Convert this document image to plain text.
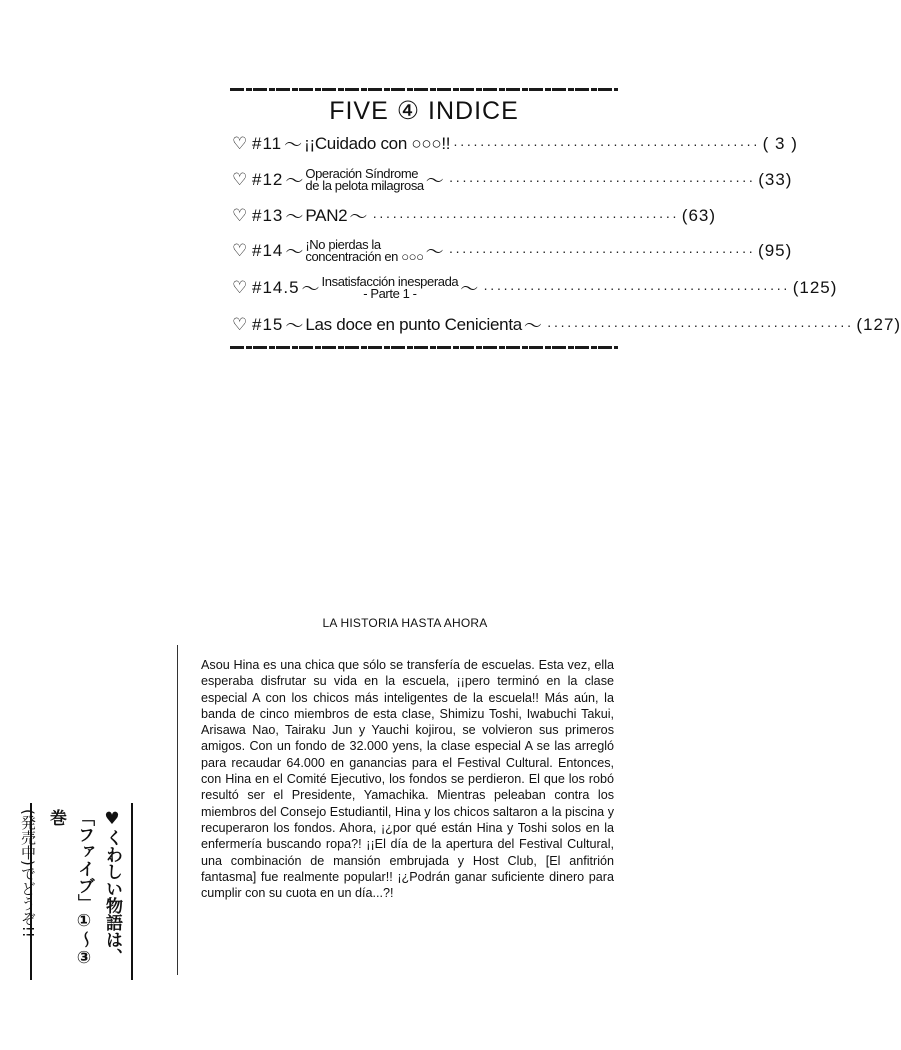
FIVE ④ INDICE
♡ #11 ～ ¡¡Cuidado con ○○○!! ·············································· ( 3 )
♡ #12 ～ Operación Síndrome
de la pelota milagrosa ～ ·············································· (33)
♡ #13 ～ PAN2 ～ ·············································· (63)
♡ #14 ～ ¡No pierdas la
concentración en ○○○ ～ ·············································· (95)
♡ #14.5 ～ Insatisfacción inesperada
- Parte 1 -	～ ·············································· (125)
♡ #15 ～ Las doce en punto Cenicienta ～ ·············································· (127)
LA HISTORIA HASTA AHORA

Asou Hina es una chica que sólo se transfería de escuelas. Esta vez, ella esperaba disfrutar su vida en la escuela, ¡¡pero terminó en la clase especial A con los chicos más inteligentes de la escuela!! Más aún, la banda de cinco miembros de esta clase, Shimizu Toshi, Iwabuchi Takui, Arisawa Nao, Tairaku Jun y Yauchi kojirou, se volvieron sus primeros amigos. Con un fondo de 32.000 yens, la clase especial A se las arregló para recaudar 64.000 en ganancias para el Festival Cultural. Entonces, con Hina en el Comité Ejecutivo, los fondos se perdieron. El que los robó resultó ser el Presidente, Yamachika. Mientras peleaban contra los miembros del Consejo Estudiantil, Hina y los chicos saltaron a la piscina y recuperaron los fondos. Ahora, ¡¿por qué están Hina y Toshi solos en la enfermería buscando ropa?! ¡¡El día de la apertura del Festival Cultural, una combinación de mansión embrujada y Host Club, [El anfitrión fantasma] fue realmente popular!! ¡¿Podrán ganar suficiente dinero para cumplir con su cuota en un día...?!

♥くわしい物語は、
「ファイブ」①〜③巻
(発売中)でどうぞ!!
